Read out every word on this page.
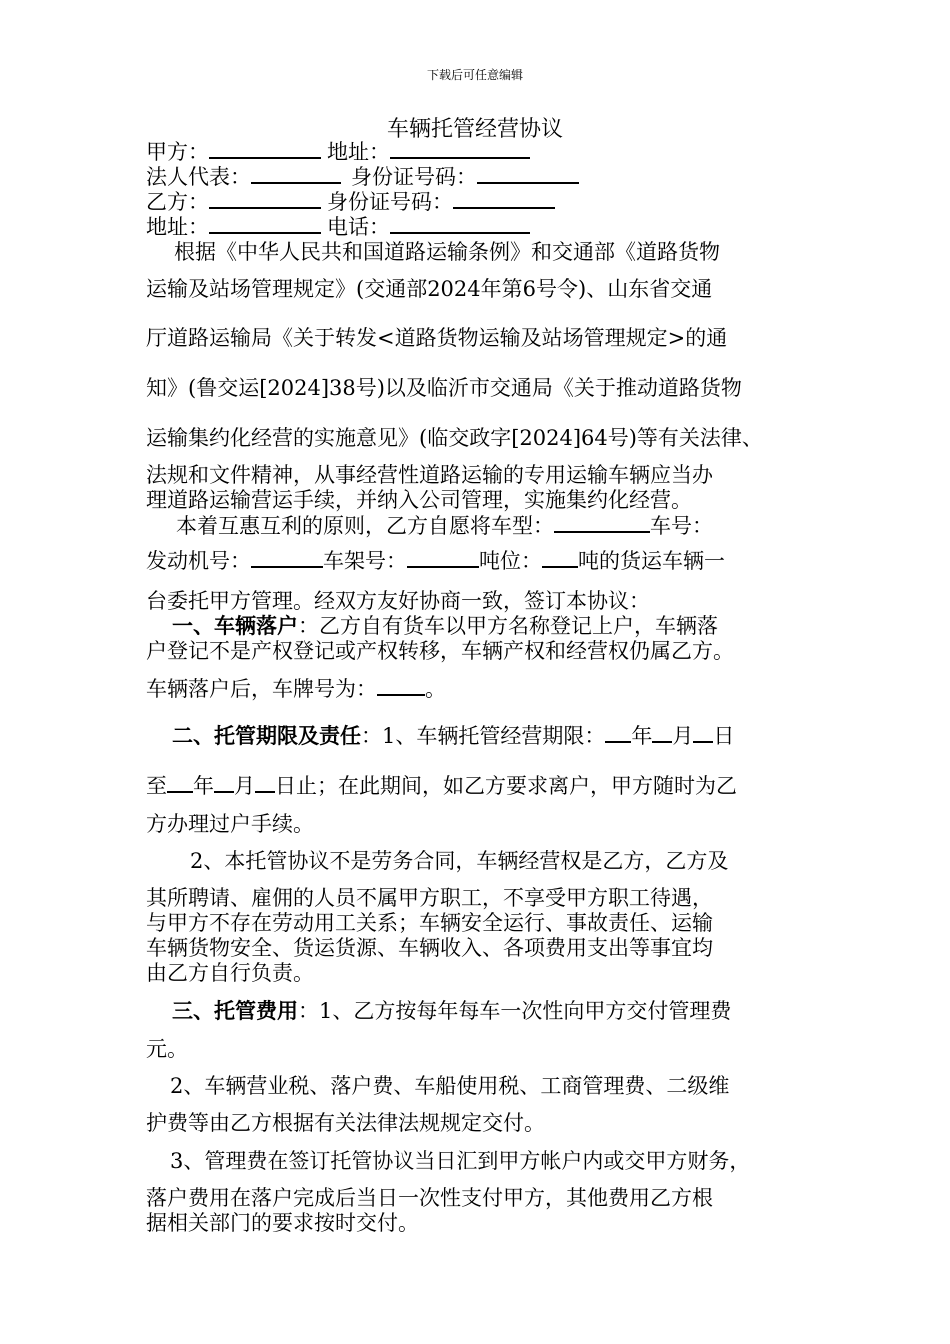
下载后可任意编辑
车辆托管经营协议
甲方：	地址：
法人代表：	身份证号码：
乙方：	身份证号码：
地址：	电话：
根据《中华人民共和国道路运输条例》和交通部《道路货物
运输及站场管理规定》(交通部2024年第6号令)、山东省交通
厅道路运输局《关于转发<道路货物运输及站场管理规定>的通
知》(鲁交运[2024]38号)以及临沂市交通局《关于推动道路货物
运输集约化经营的实施意见》(临交政字[2024]64号)等有关法律、
法规和文件精神，从事经营性道路运输的专用运输车辆应当办
理道路运输营运手续，并纳入公司管理，实施集约化经营。
本着互惠互利的原则，乙方自愿将车型：	车号：
发动机号：	车架号：	吨位： 吨的货运车辆一
台委托甲方管理。经双方友好协商一致，签订本协议：
一、车辆落户：乙方自有货车以甲方名称登记上户，车辆落
户登记不是产权登记或产权转移，车辆产权和经营权仍属乙方。
车辆落户后，车牌号为： 。
二、托管期限及责任：1、车辆托管经营期限： 年 月 日
至 年 月 日止；在此期间，如乙方要求离户，甲方随时为乙
方办理过户手续。
2、本托管协议不是劳务合同，车辆经营权是乙方，乙方及
其所聘请、雇佣的人员不属甲方职工，不享受甲方职工待遇，
与甲方不存在劳动用工关系；车辆安全运行、事故责任、运输
车辆货物安全、货运货源、车辆收入、各项费用支出等事宜均
由乙方自行负责。
三、托管费用：1、乙方按每年每车一次性向甲方交付管理费
元。
2、车辆营业税、落户费、车船使用税、工商管理费、二级维
护费等由乙方根据有关法律法规规定交付。
3、管理费在签订托管协议当日汇到甲方帐户内或交甲方财务，
落户费用在落户完成后当日一次性支付甲方，其他费用乙方根
据相关部门的要求按时交付。
